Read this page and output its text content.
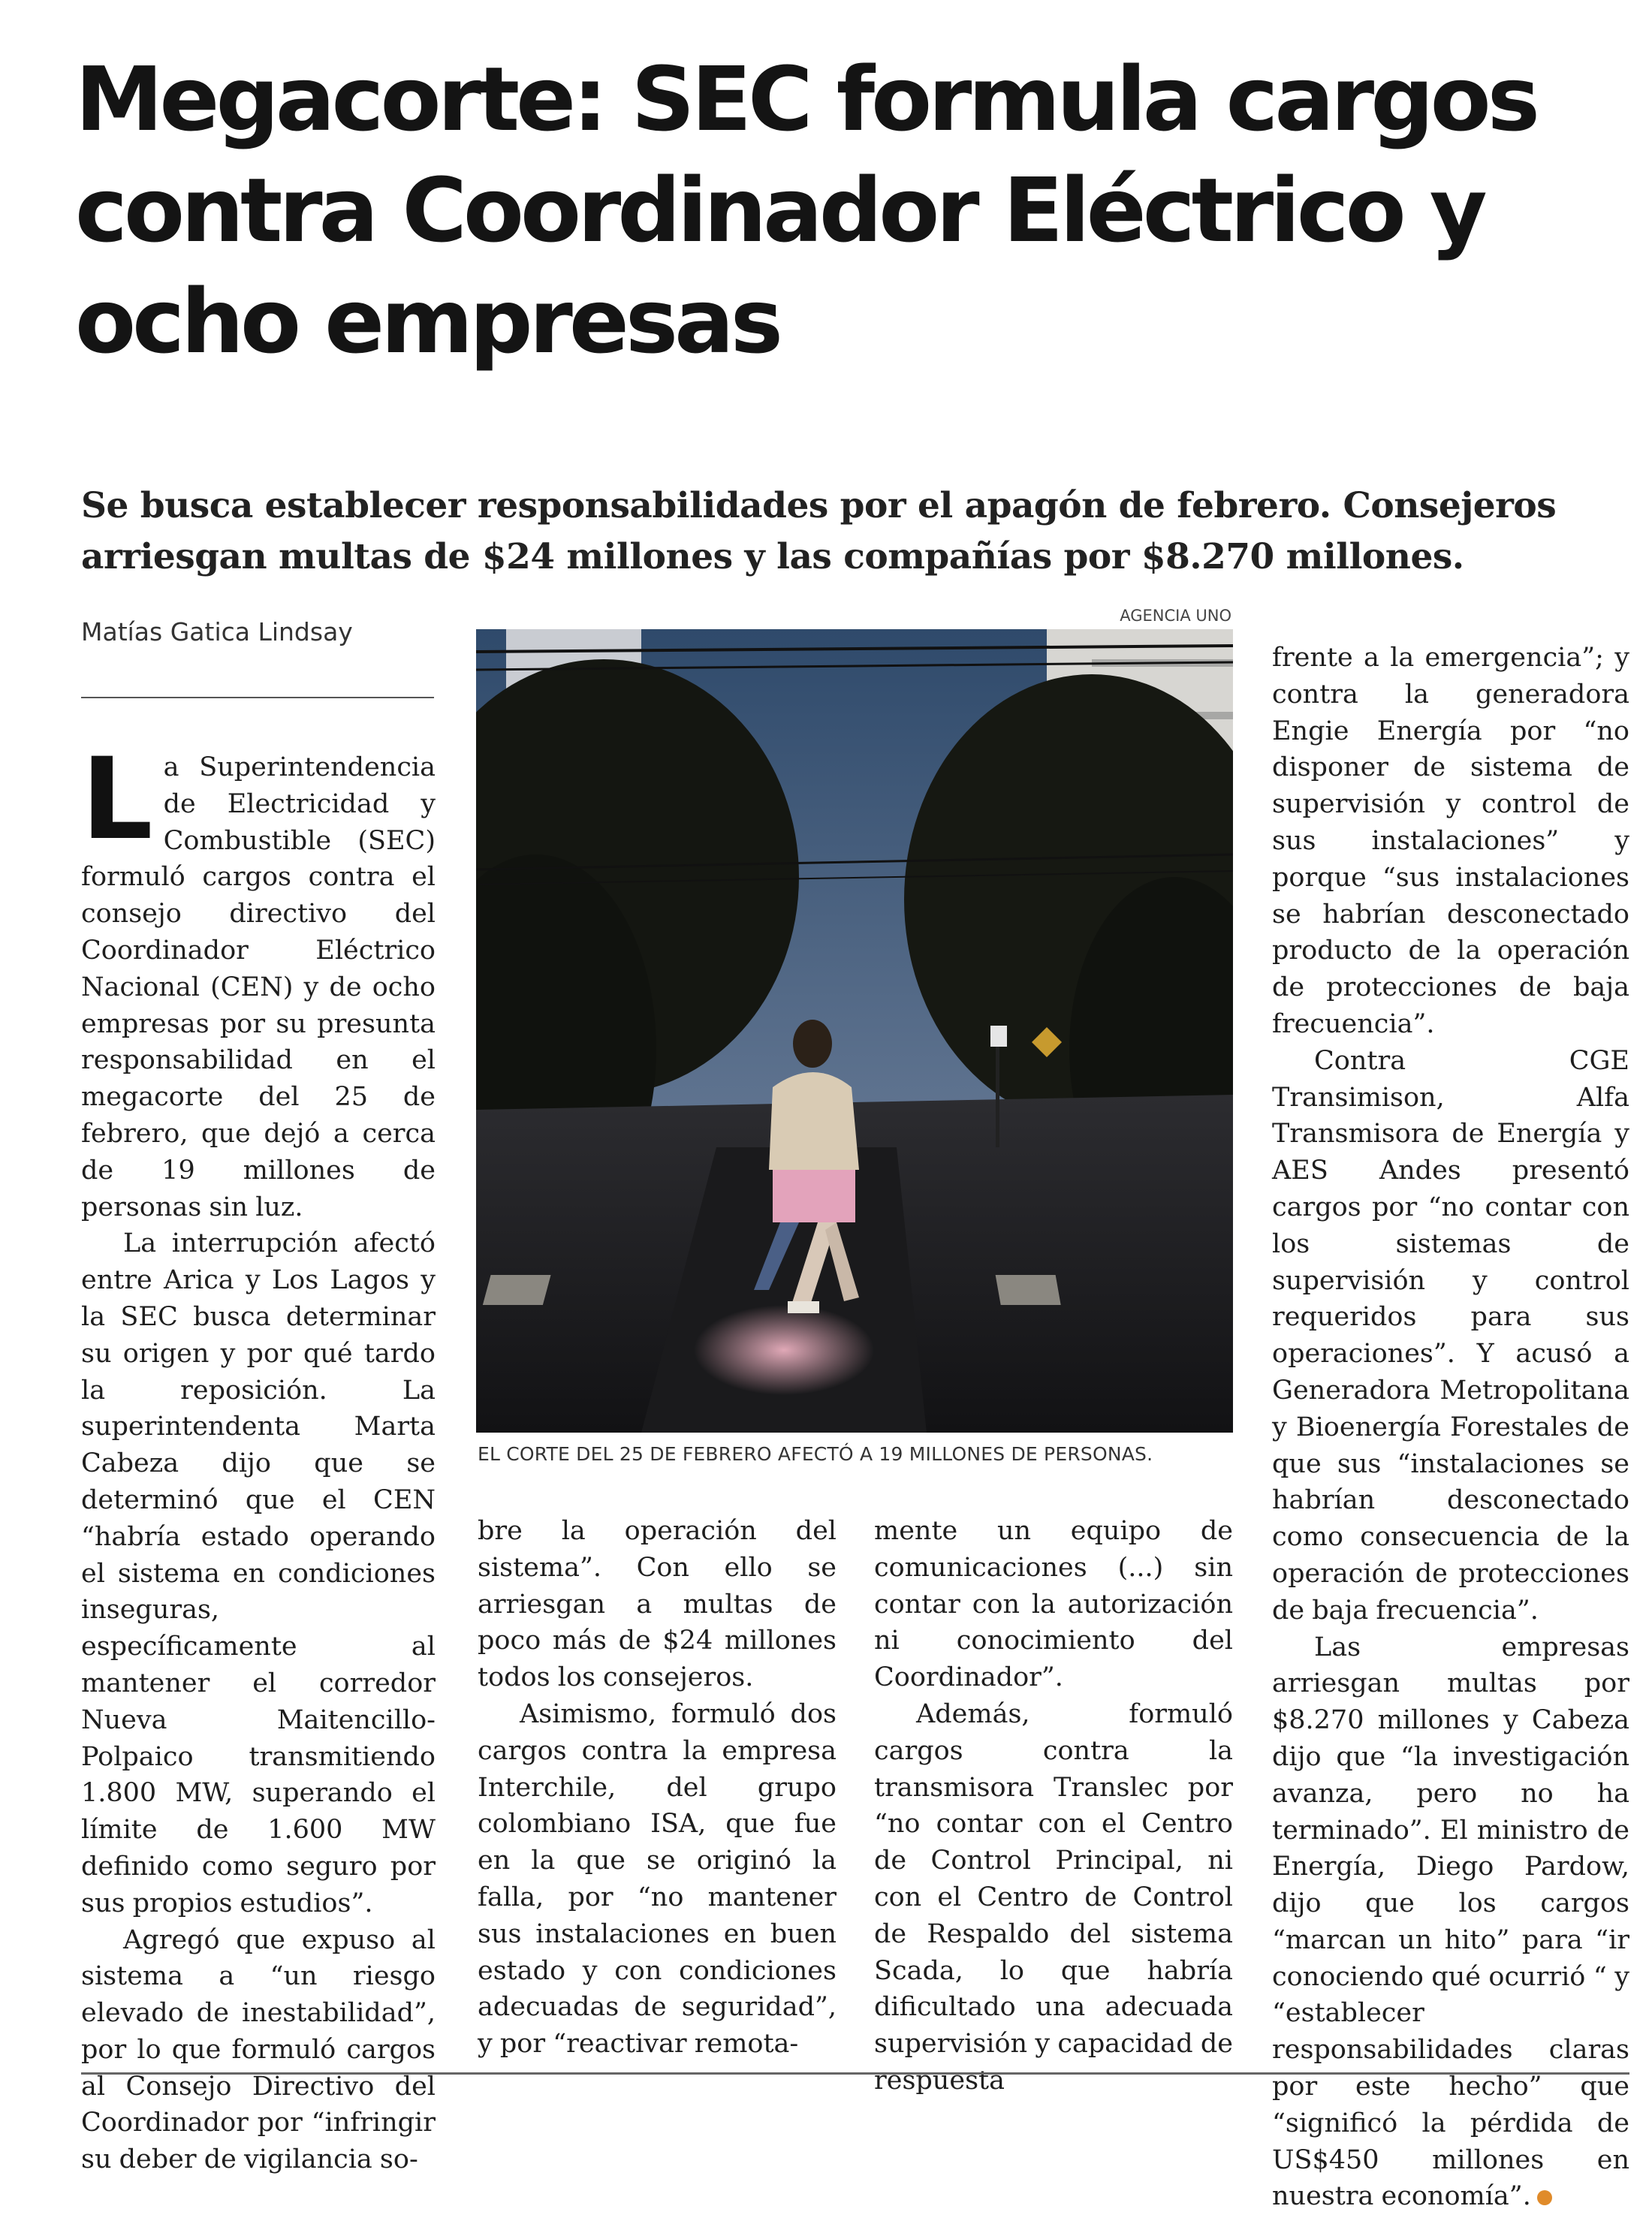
Megacorte: SEC formula cargos contra Coordinador Eléctrico y ocho empresas

Se busca establecer responsabilidades por el apagón de febrero. Consejeros arriesgan multas de $24 millones y las compañías por $8.270 millones.

Matías Gatica Lindsay

La Superintendencia de Electricidad y Combustible (SEC) formuló cargos contra el consejo directivo del Coordinador Eléctrico Nacional (CEN) y de ocho empresas por su presunta responsabilidad en el megacorte del 25 de febrero, que dejó a cerca de 19 millones de personas sin luz.

La interrupción afectó entre Arica y Los Lagos y la SEC busca determinar su origen y por qué tardo la reposición. La superintendenta Marta Cabeza dijo que se determinó que el CEN “habría estado operando el sistema en condiciones inseguras, específicamente al mantener el corredor Nueva Maitencillo-Polpaico transmitiendo 1.800 MW, superando el límite de 1.600 MW definido como seguro por sus propios estudios”.

Agregó que expuso al sistema a “un riesgo elevado de inestabilidad”, por lo que formuló cargos al Consejo Directivo del Coordinador por “infringir su deber de vigilancia so-

AGENCIA UNO
EL CORTE DEL 25 DE FEBRERO AFECTÓ A 19 MILLONES DE PERSONAS.

bre la operación del sistema”. Con ello se arriesgan a multas de poco más de $24 millones todos los consejeros.

Asimismo, formuló dos cargos contra la empresa Interchile, del grupo colombiano ISA, que fue en la que se originó la falla, por “no mantener sus instalaciones en buen estado y con condiciones adecuadas de seguridad”, y por “reactivar remota-

mente un equipo de comunicaciones (...) sin contar con la autorización ni conocimiento del Coordinador”.

Además, formuló cargos contra la transmisora Translec por “no contar con el Centro de Control Principal, ni con el Centro de Control de Respaldo del sistema Scada, lo que habría dificultado una adecuada supervisión y capacidad de respuesta

frente a la emergencia”; y contra la generadora Engie Energía por “no disponer de sistema de supervisión y control de sus instalaciones” y porque “sus instalaciones se habrían desconectado producto de la operación de protecciones de baja frecuencia”.

Contra CGE Transimison, Alfa Transmisora de Energía y AES Andes presentó cargos por “no contar con los sistemas de supervisión y control requeridos para sus operaciones”. Y acusó a Generadora Metropolitana y Bioenergía Forestales de que sus “instalaciones se habrían desconectado como consecuencia de la operación de protecciones de baja frecuencia”.

Las empresas arriesgan multas por $8.270 millones y Cabeza dijo que “la investigación avanza, pero no ha terminado”. El ministro de Energía, Diego Pardow, dijo que los cargos “marcan un hito” para “ir conociendo qué ocurrió “ y “establecer responsabilidades claras por este hecho” que “significó la pérdida de US$450 millones en nuestra economía”.
